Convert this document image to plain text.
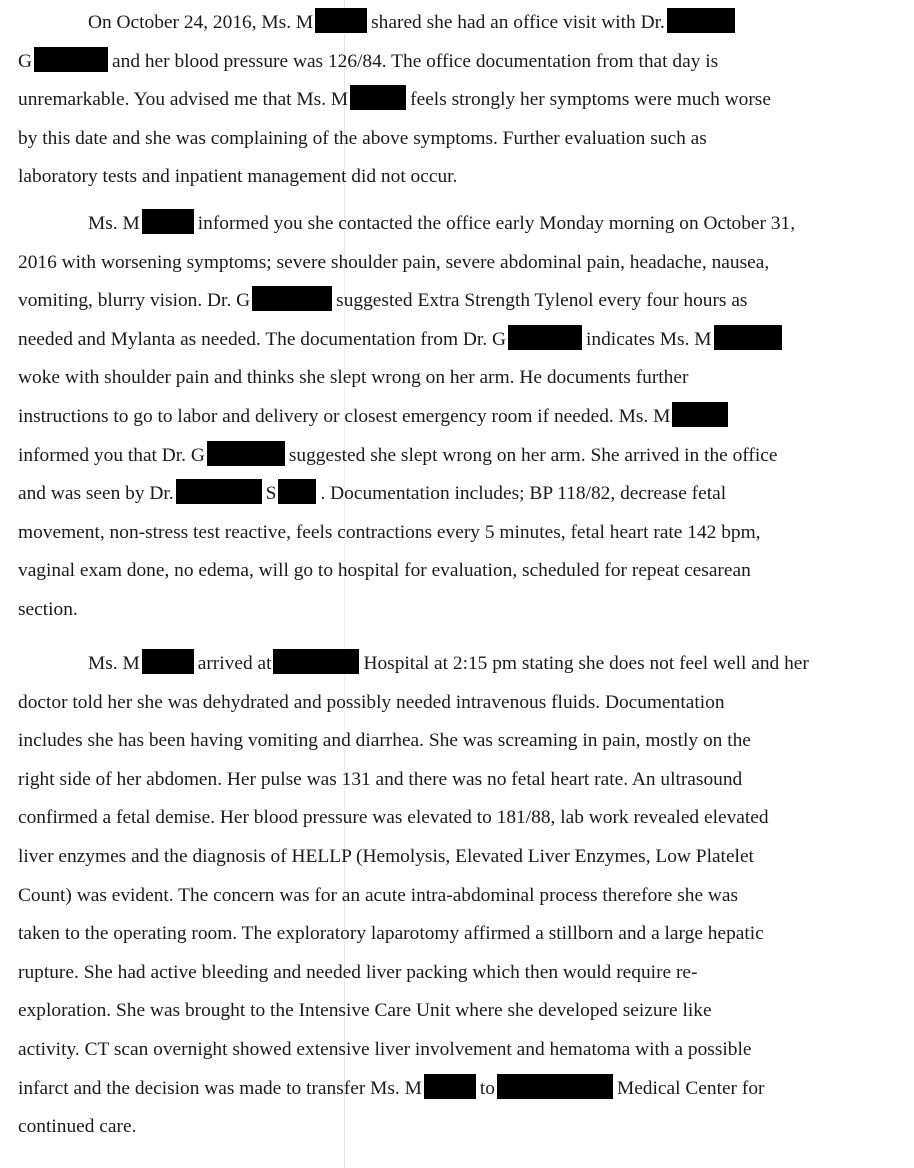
On October 24, 2016, Ms. M	shared she had an office visit with Dr.
G	and her blood pressure was 126/84. The office documentation from that day is
unremarkable. You advised me that Ms. M	feels strongly her symptoms were much worse
by this date and she was complaining of the above symptoms. Further evaluation such as
laboratory tests and inpatient management did not occur.
Ms. M	informed you she contacted the office early Monday morning on October 31,
2016 with worsening symptoms; severe shoulder pain, severe abdominal pain, headache, nausea,
vomiting, blurry vision. Dr. G	suggested Extra Strength Tylenol every four hours as
needed and Mylanta as needed. The documentation from Dr. G	indicates Ms. M
woke with shoulder pain and thinks she slept wrong on her arm. He documents further
instructions to go to labor and delivery or closest emergency room if needed. Ms. M
informed you that Dr. G	suggested she slept wrong on her arm. She arrived in the office
and was seen by Dr.	S . Documentation includes; BP 118/82, decrease fetal
movement, non-stress test reactive, feels contractions every 5 minutes, fetal heart rate 142 bpm,
vaginal exam done, no edema, will go to hospital for evaluation, scheduled for repeat cesarean
section.
Ms. M	arrived at	Hospital at 2:15 pm stating she does not feel well and her
doctor told her she was dehydrated and possibly needed intravenous fluids. Documentation
includes she has been having vomiting and diarrhea. She was screaming in pain, mostly on the
right side of her abdomen. Her pulse was 131 and there was no fetal heart rate. An ultrasound
confirmed a fetal demise. Her blood pressure was elevated to 181/88, lab work revealed elevated
liver enzymes and the diagnosis of HELLP (Hemolysis, Elevated Liver Enzymes, Low Platelet
Count) was evident. The concern was for an acute intra-abdominal process therefore she was
taken to the operating room. The exploratory laparotomy affirmed a stillborn and a large hepatic
rupture. She had active bleeding and needed liver packing which then would require re-
exploration. She was brought to the Intensive Care Unit where she developed seizure like
activity. CT scan overnight showed extensive liver involvement and hematoma with a possible
infarct and the decision was made to transfer Ms. M	to	Medical Center for
continued care.
